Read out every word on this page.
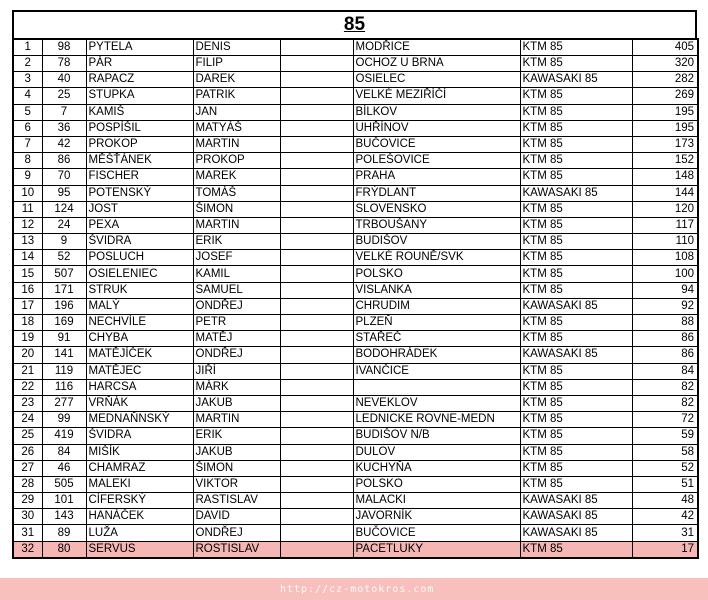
85
1	98	PYTELA	DENIS		MODŘICE	KTM 85	405
2	78	PÁR	FILIP		OCHOZ U BRNA	KTM 85	320
3	40	RAPACZ	DAREK		OSIELEC	KAWASAKI 85	282
4	25	STUPKA	PATRIK		VELKÉ MEZIŘÍČÍ	KTM 85	269
5	7	KAMIŠ	JAN		BÍLKOV	KTM 85	195
6	36	POSPÍŠIL	MATYÁŠ		UHŘÍNOV	KTM 85	195
7	42	PROKOP	MARTIN		BUČOVICE	KTM 85	173
8	86	MĚŠŤÁNEK	PROKOP		POLEŠOVICE	KTM 85	152
9	70	FISCHER	MAREK		PRAHA	KTM 85	148
10	95	POTENSKÝ	TOMÁŠ		FRÝDLANT	KAWASAKI 85	144
11	124	JOST	ŠIMON		SLOVENSKO	KTM 85	120
12	24	PEXA	MARTIN		TRBOUŠANY	KTM 85	117
13	9	ŠVIDRA	ERIK		BUDIŠOV	KTM 85	110
14	52	POSLUCH	JOSEF		VELKÉ ROUNĚ/SVK	KTM 85	108
15	507	OSIELENIEC	KAMIL		POLSKO	KTM 85	100
16	171	STRUK	SAMUEL		VISLANKA	KTM 85	94
17	196	MALÝ	ONDŘEJ		CHRUDIM	KAWASAKI 85	92
18	169	NECHVÍLE	PETR		PLZEŇ	KTM 85	88
19	91	CHYBA	MATĚJ		STAŘEČ	KTM 85	86
20	141	MATĚJÍČEK	ONDŘEJ		BODOHRÁDEK	KAWASAKI 85	86
21	119	MATĚJEC	JIŘÍ		IVANČICE	KTM 85	84
22	116	HARCSA	MÁRK			KTM 85	82
23	277	VRŇÁK	JAKUB		NEVEKLOV	KTM 85	82
24	99	MEDNAŇNSKÝ	MARTIN		LEDNICKE ROVNE-MEDN	KTM 85	72
25	419	ŠVIDRA	ERIK		BUDIŠOV N/B	KTM 85	59
26	84	MIŠÍK	JAKUB		DULOV	KTM 85	58
27	46	CHAMRAZ	ŠIMON		KUCHYŇA	KTM 85	52
28	505	MALEKI	VIKTOR		POLSKO	KTM 85	51
29	101	CÍFERSKÝ	RASTISLAV		MALACKI	KAWASAKI 85	48
30	143	HANÁČEK	DAVID		JAVORNÍK	KAWASAKI 85	42
31	89	LUŽA	ONDŘEJ		BUČOVICE	KAWASAKI 85	31
32	80	SERVUS	ROSTISLAV		PACETLUKY	KTM 85	17
http://cz-motokros.com
